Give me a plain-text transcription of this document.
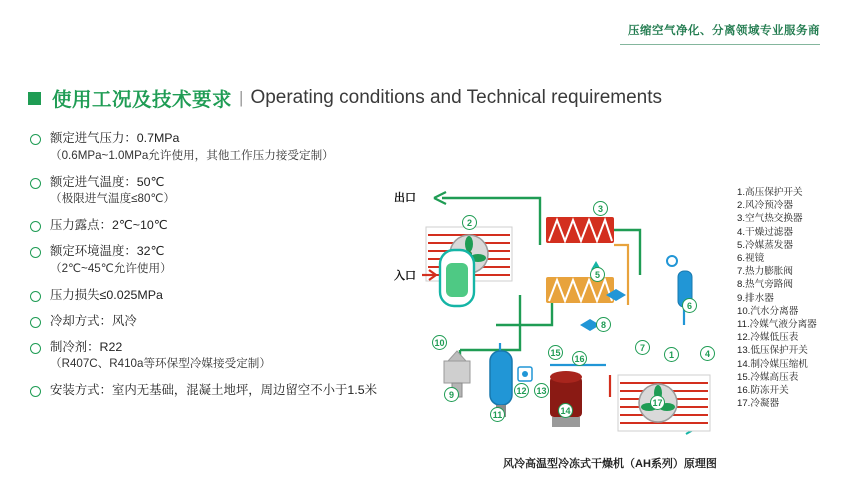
压缩空气净化、分离领域专业服务商
使用工况及技术要求 | Operating conditions and Technical requirements
额定进气压力：0.7MPa
（0.6MPa~1.0MPa允许使用，其他工作压力接受定制）
额定进气温度：50℃
（极限进气温度≤80℃）
压力露点：2℃~10℃
额定环境温度：32℃
（2℃~45℃允许使用）
压力损失≤0.025MPa
冷却方式：风冷
制冷剂：R22
（R407C、R410a等环保型冷媒接受定制）
安装方式：室内无基础，混凝土地坪，周边留空不小于1.5米
1.高压保护开关
2.风冷预冷器
3.空气热交换器
4.干燥过滤器
5.冷媒蒸发器
6.视镜
7.热力膨胀阀
8.热气旁路阀
9.排水器
10.汽水分离器
11.冷媒气液分离器
12.冷媒低压表
13.低压保护开关
14.制冷媒压缩机
15.冷媒高压表
16.防冻开关
17.冷凝器
出口
入口
1
2
3
4
5
6
7
8
9
10
11
12 13
14
15
16
17
风冷高温型冷冻式干燥机（AH系列）原理图
